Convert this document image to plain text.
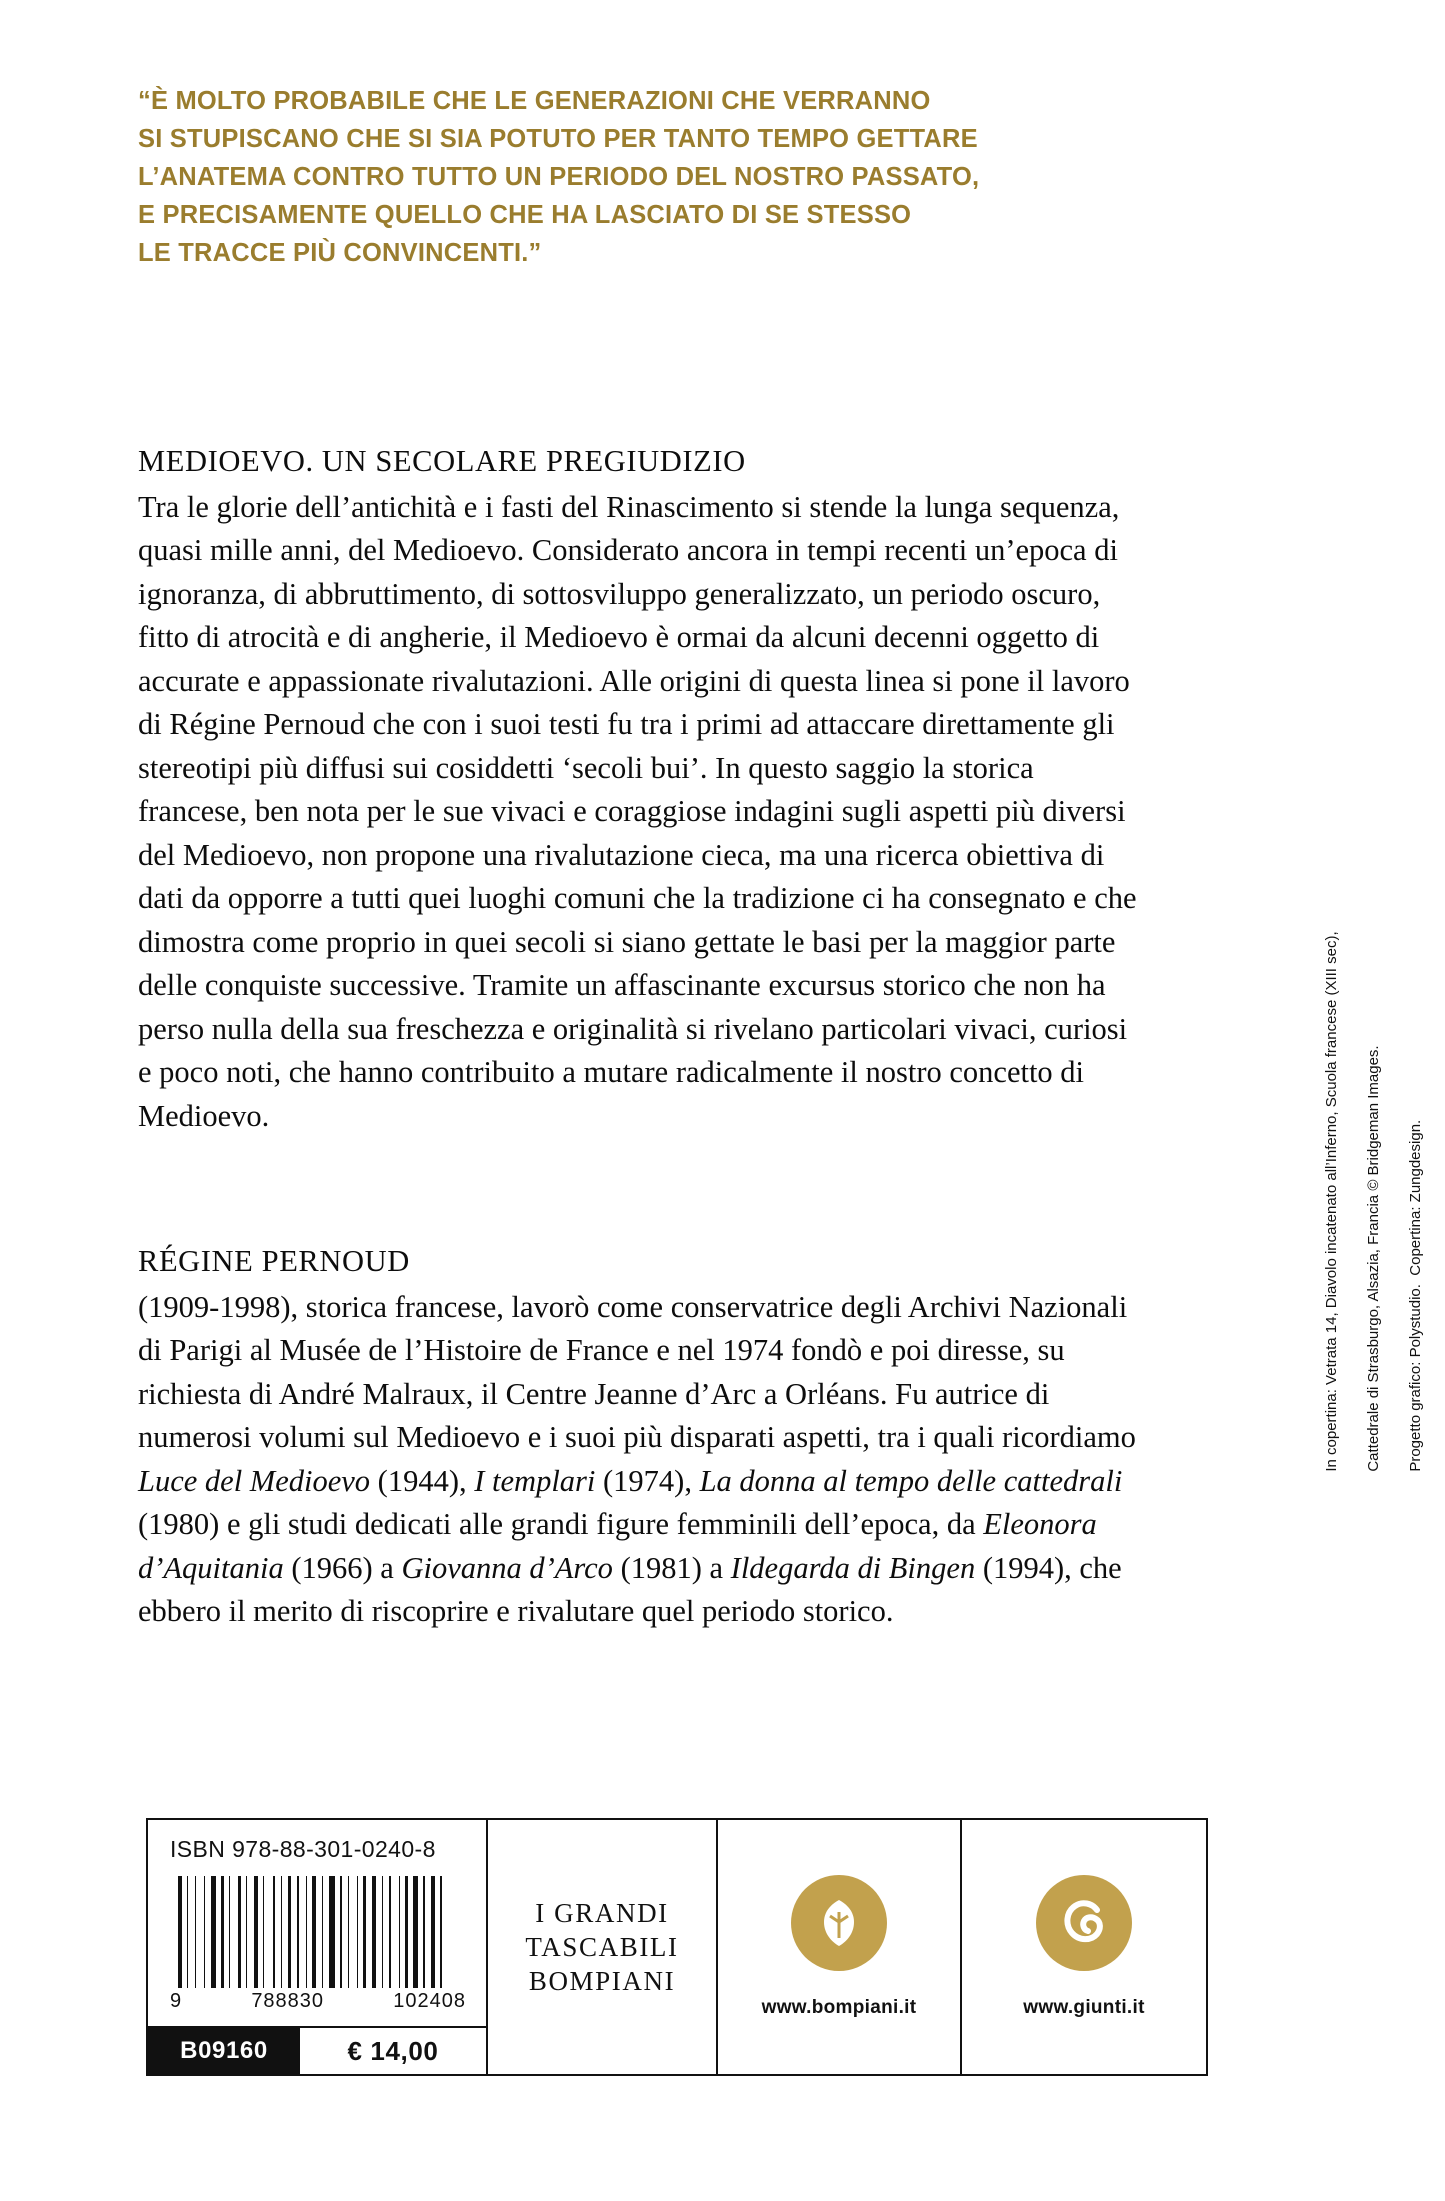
“È MOLTO PROBABILE CHE LE GENERAZIONI CHE VERRANNO
SI STUPISCANO CHE SI SIA POTUTO PER TANTO TEMPO GETTARE
L’ANATEMA CONTRO TUTTO UN PERIODO DEL NOSTRO PASSATO,
E PRECISAMENTE QUELLO CHE HA LASCIATO DI SE STESSO
LE TRACCE PIÙ CONVINCENTI.”
MEDIOEVO. UN SECOLARE PREGIUDIZIO

Tra le glorie dell’antichità e i fasti del Rinascimento si stende la lunga sequenza, quasi mille anni, del Medioevo. Considerato ancora in tempi recenti un’epoca di ignoranza, di abbruttimento, di sottosviluppo generalizzato, un periodo oscuro, fitto di atrocità e di angherie, il Medioevo è ormai da alcuni decenni oggetto di accurate e appassionate rivalutazioni. Alle origini di questa linea si pone il lavoro di Régine Pernoud che con i suoi testi fu tra i primi ad attaccare direttamente gli stereotipi più diffusi sui cosiddetti ‘secoli bui’. In questo saggio la storica francese, ben nota per le sue vivaci e coraggiose indagini sugli aspetti più diversi del Medioevo, non propone una rivalutazione cieca, ma una ricerca obiettiva di dati da opporre a tutti quei luoghi comuni che la tradizione ci ha consegnato e che dimostra come proprio in quei secoli si siano gettate le basi per la maggior parte delle conquiste successive. Tramite un affascinante excursus storico che non ha perso nulla della sua freschezza e originalità si rivelano particolari vivaci, curiosi e poco noti, che hanno contribuito a mutare radicalmente il nostro concetto di Medioevo.

RÉGINE PERNOUD

(1909-1998), storica francese, lavorò come conservatrice degli Archivi Nazionali di Parigi al Musée de l’Histoire de France e nel 1974 fondò e poi diresse, su richiesta di André Malraux, il Centre Jeanne d’Arc a Orléans. Fu autrice di numerosi volumi sul Medioevo e i suoi più disparati aspetti, tra i quali ricordiamo Luce del Medioevo (1944), I templari (1974), La donna al tempo delle cattedrali (1980) e gli studi dedicati alle grandi figure femminili dell’epoca, da Eleonora d’Aquitania (1966) a Giovanna d’Arco (1981) a Ildegarda di Bingen (1994), che ebbero il merito di riscoprire e rivalutare quel periodo storico.

ISBN 978-88-301-0240-8
9	788830	102408
B09160	€ 14,00
I GRANDI
TASCABILI
BOMPIANI
www.bompiani.it	www.giunti.it

In copertina: Vetrata 14, Diavolo incatenato all’Inferno, Scuola francese (XIII sec), Cattedrale di Strasburgo, Alsazia, Francia © Bridgeman Images. Progetto grafico: Polystudio.  Copertina: Zungdesign.
